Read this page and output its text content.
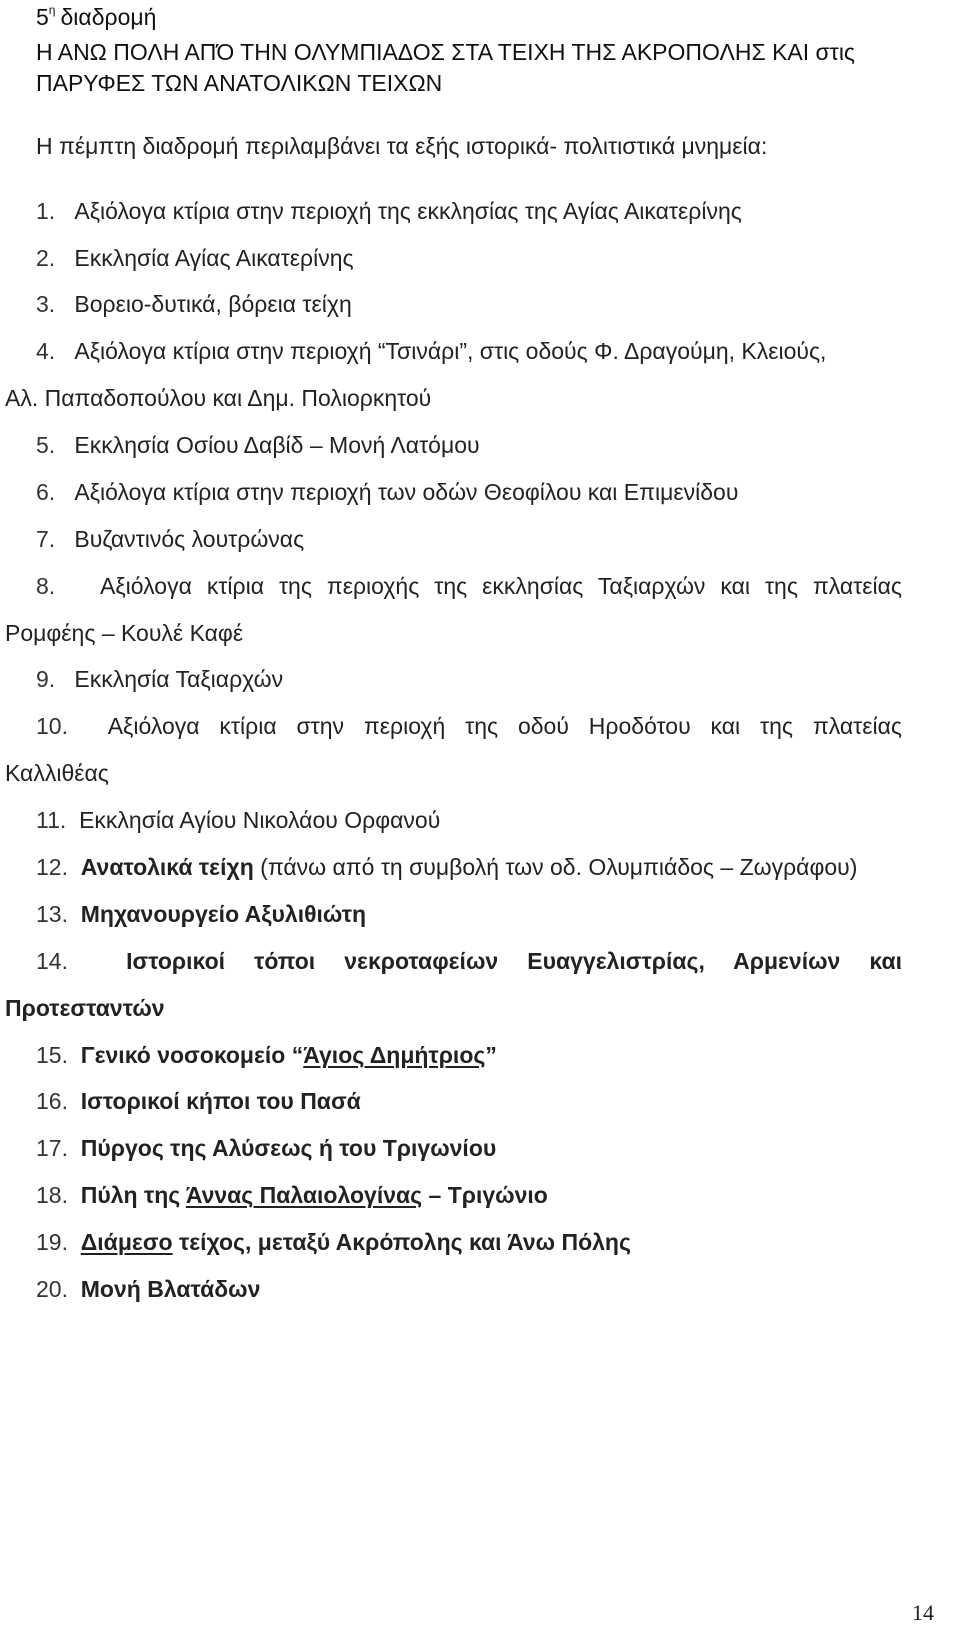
$5^\eta$ διαδρομή
Η ΑΝΩ ΠΟΛΗ ΑΠΌ ΤΗΝ ΟΛΥΜΠΙΑΔΟΣ ΣΤΑ ΤΕΙΧΗ ΤΗΣ ΑΚΡΟΠΟΛΗΣ ΚΑΙ στις
ΠΑΡΥΦΕΣ ΤΩΝ ΑΝΑΤΟΛΙΚΩΝ ΤΕΙΧΩΝ
Η πέμπτη διαδρομή περιλαμβάνει τα εξής ιστορικά- πολιτιστικά μνημεία:
1. Αξιόλογα κτίρια στην περιοχή της εκκλησίας της Αγίας Αικατερίνης
2. Εκκλησία Αγίας Αικατερίνης
3. Βορειο-δυτικά, βόρεια τείχη
4. Αξιόλογα κτίρια στην περιοχή “Τσινάρι”, στις οδούς Φ. Δραγούμη, Κλειούς,
Αλ. Παπαδοπούλου και Δημ. Πολιορκητού
5. Εκκλησία Οσίου Δαβίδ – Μονή Λατόμου
6. Αξιόλογα κτίρια στην περιοχή των οδών Θεοφίλου και Επιμενίδου
7. Βυζαντινός λουτρώνας
8. Αξιόλογα κτίρια της περιοχής της εκκλησίας Ταξιαρχών και της πλατείας
Ρομφέης – Κουλέ Καφέ
9. Εκκλησία Ταξιαρχών
10. Αξιόλογα κτίρια στην περιοχή της οδού Ηροδότου και της πλατείας
Καλλιθέας
11. Εκκλησία Αγίου Νικολάου Ορφανού
12. Ανατολικά τείχη (πάνω από τη συμβολή των οδ. Ολυμπιάδος – Ζωγράφου)
13. Μηχανουργείο Αξυλιθιώτη
14.	Ιστορικοί τόποι νεκροταφείων Ευαγγελιστρίας, Αρμενίων και
Προτεσταντών
15. Γενικό νοσοκομείο “Άγιος Δημήτριος”
16. Ιστορικοί κήποι του Πασά
17. Πύργος της Αλύσεως ή του Τριγωνίου
18. Πύλη της Άννας Παλαιολογίνας – Τριγώνιο
19. Διάμεσο τείχος, μεταξύ Ακρόπολης και Άνω Πόλης
20. Μονή Βλατάδων
14
